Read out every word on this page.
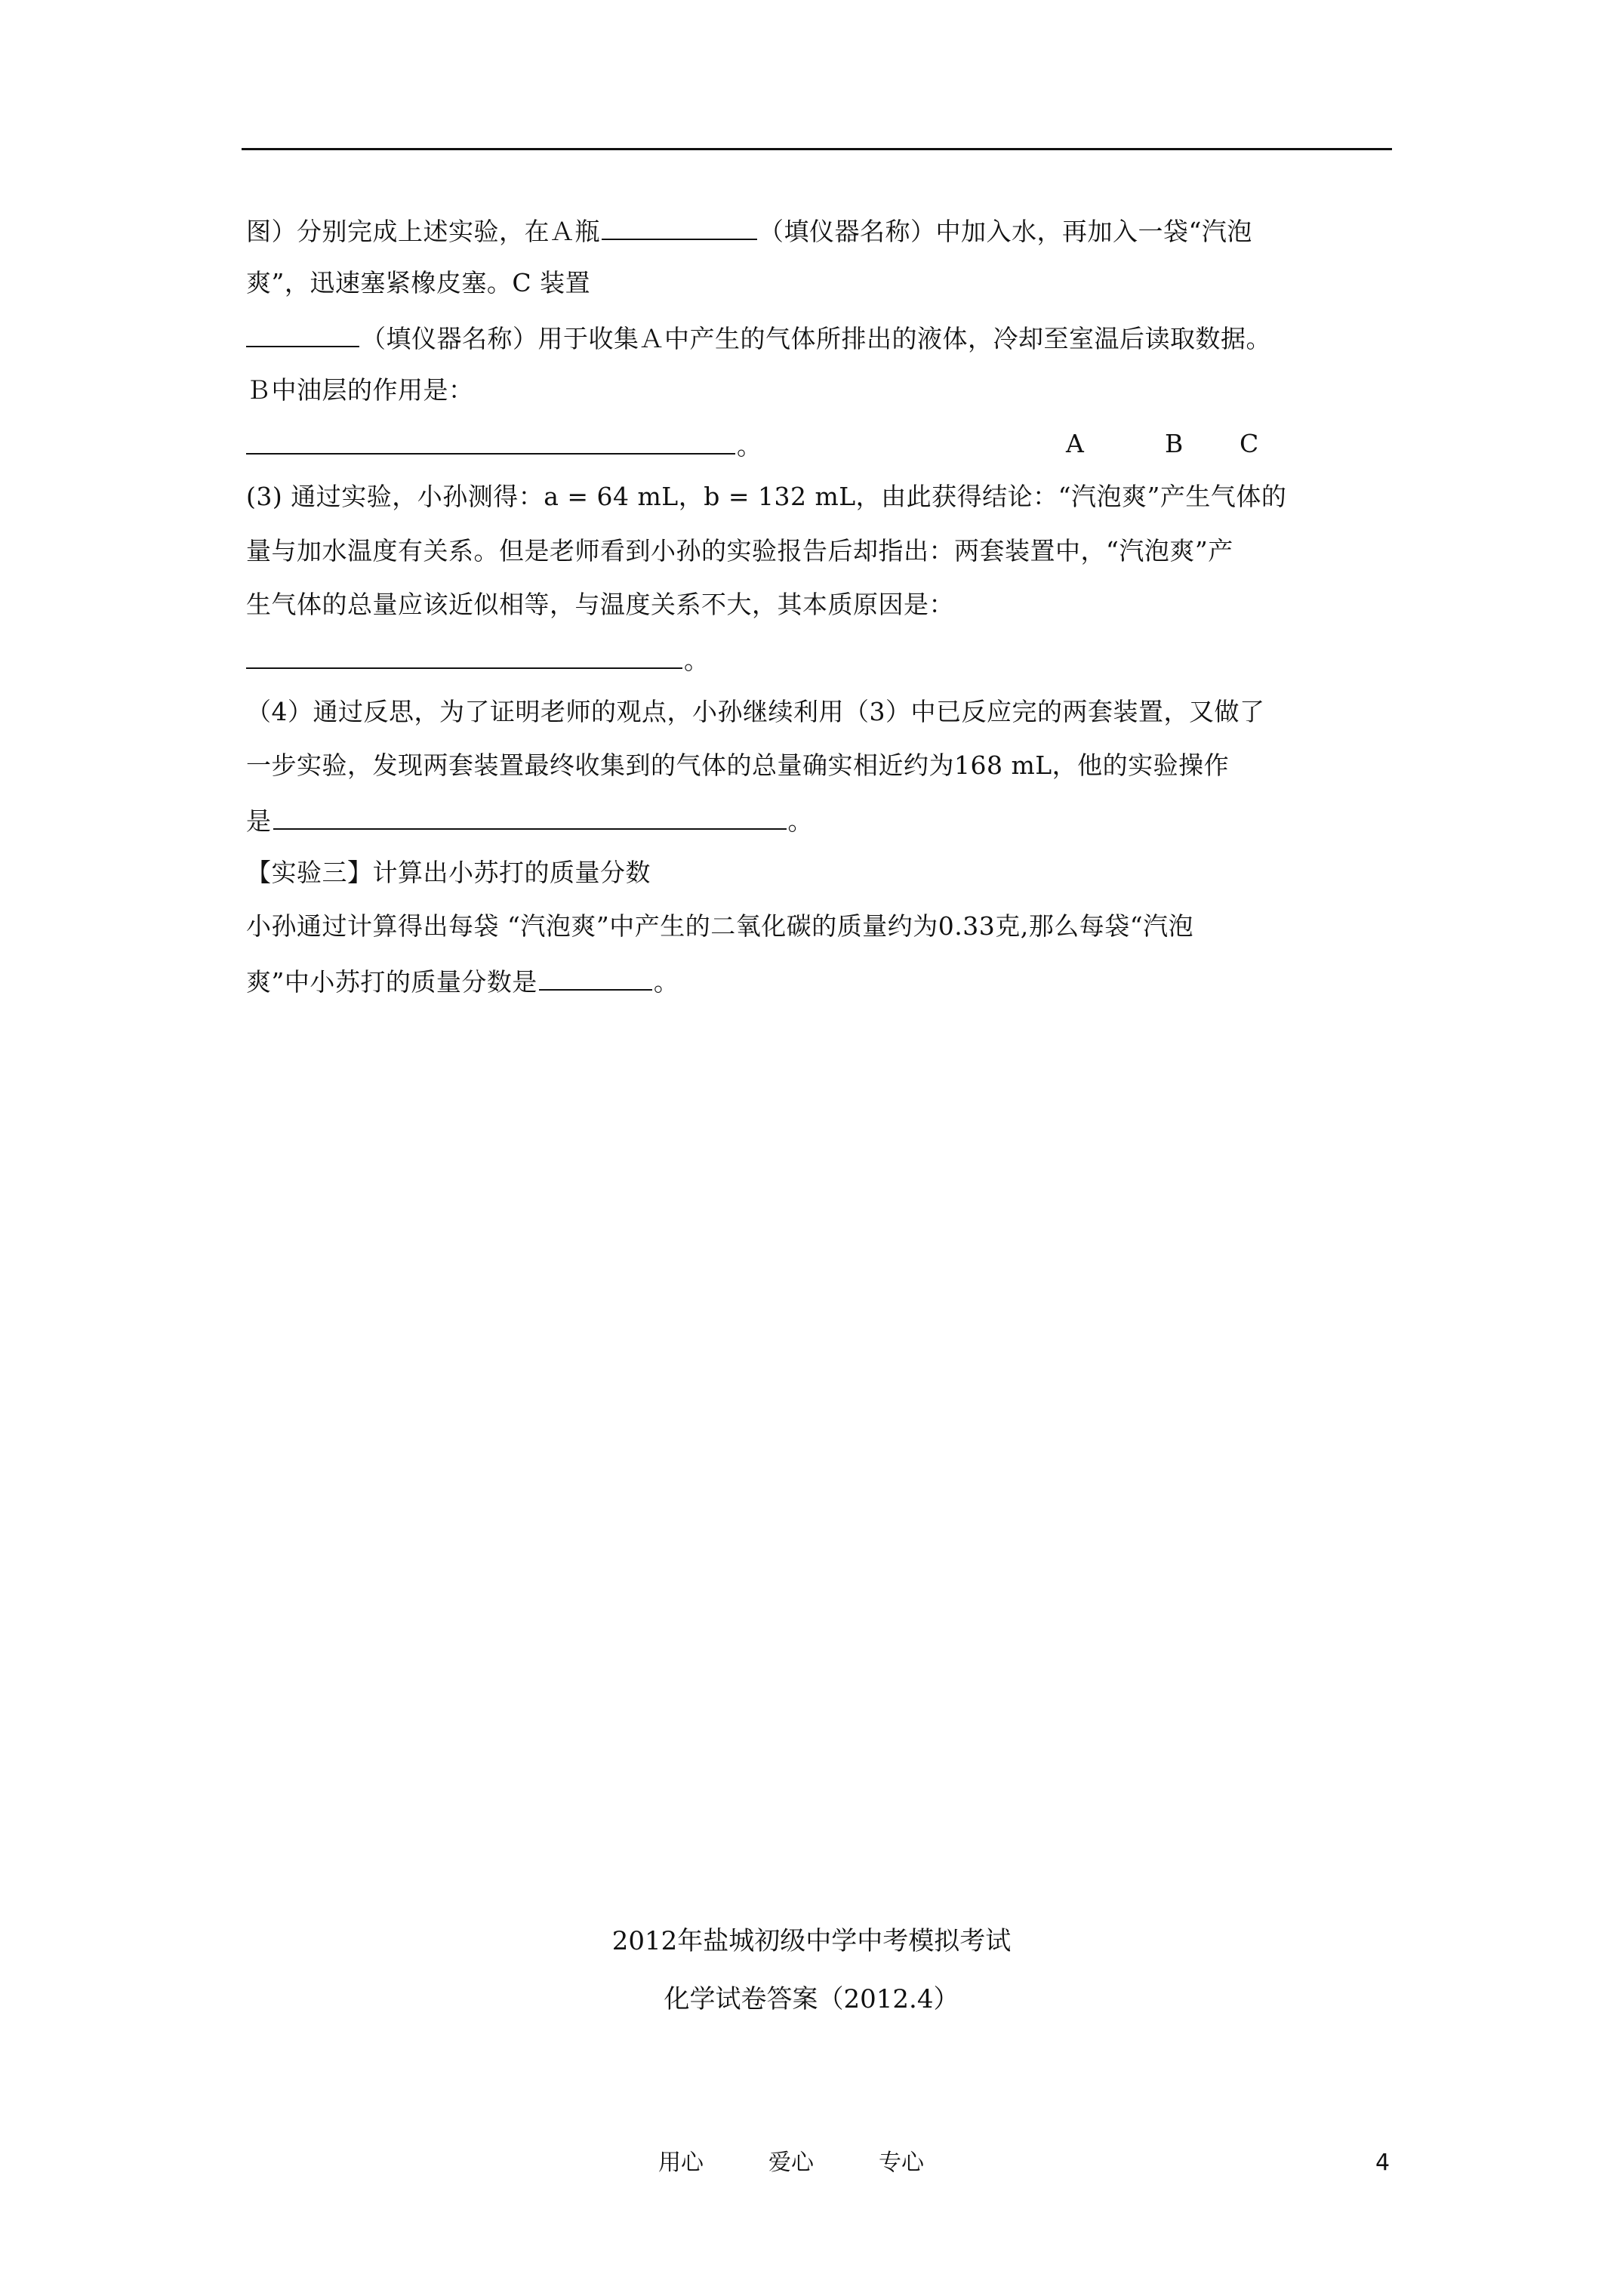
图）分别完成上述实验，在Ａ瓶	（填仪器名称）中加入水，再加入一袋“汽泡
爽”，迅速塞紧橡皮塞。C 装置
（填仪器名称）用于收集Ａ中产生的气体所排出的液体，冷却至室温后读取数据。
Ｂ中油层的作用是：
。	A	B C
(3) 通过实验，小孙测得：a = 64 mL，b = 132 mL，由此获得结论：“汽泡爽”产生气体的
量与加水温度有关系。但是老师看到小孙的实验报告后却指出：两套装置中，“汽泡爽”产
生气体的总量应该近似相等，与温度关系不大，其本质原因是：
。
（4）通过反思，为了证明老师的观点，小孙继续利用（3）中已反应完的两套装置，又做了
一步实验，发现两套装置最终收集到的气体的总量确实相近约为168 mL，他的实验操作
是	。
【实验三】计算出小苏打的质量分数
小孙通过计算得出每袋 “汽泡爽”中产生的二氧化碳的质量约为0.33克,那么每袋“汽泡
爽”中小苏打的质量分数是	。
2012年盐城初级中学中考模拟考试
化学试卷答案（2012.4）
用心	爱心	专心	4
